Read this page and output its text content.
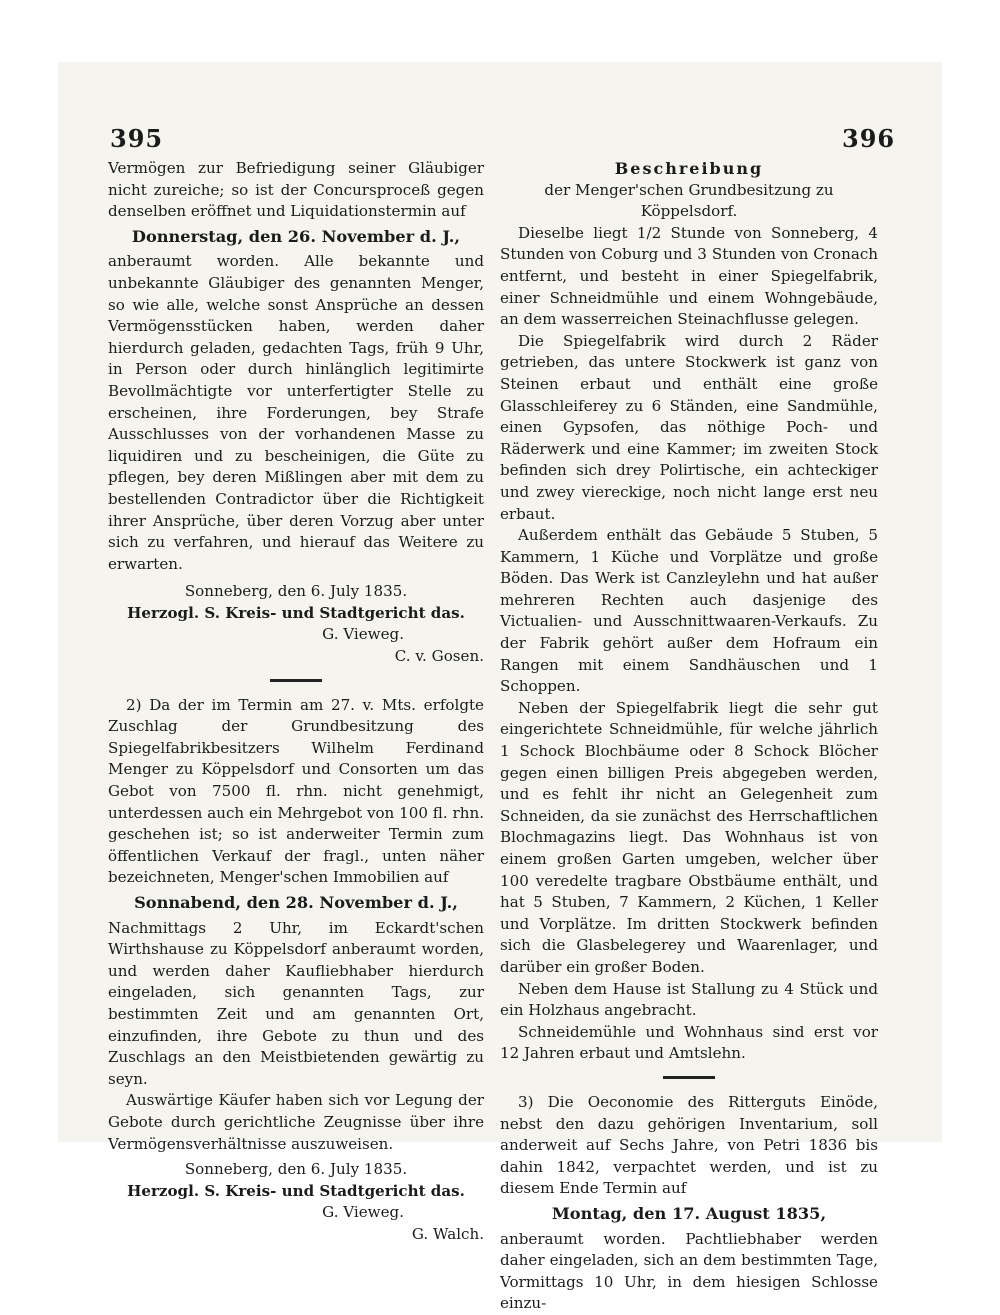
395	396

Vermögen zur Befriedigung seiner Gläubiger nicht zureiche; so ist der Concursproceß gegen denselben eröffnet und Liquidationstermin auf

Donnerstag, den 26. November d. J.,

anberaumt worden. Alle bekannte und unbekannte Gläubiger des genannten Menger, so wie alle, welche sonst Ansprüche an dessen Vermögensstücken haben, werden daher hierdurch geladen, gedachten Tags, früh 9 Uhr, in Person oder durch hinlänglich legitimirte Bevollmächtigte vor unterfertigter Stelle zu erscheinen, ihre Forderungen, bey Strafe Ausschlusses von der vorhandenen Masse zu liquidiren und zu bescheinigen, die Güte zu pflegen, bey deren Mißlingen aber mit dem zu bestellenden Contradictor über die Richtigkeit ihrer Ansprüche, über deren Vorzug aber unter sich zu verfahren, und hierauf das Weitere zu erwarten.

Sonneberg, den 6. July 1835.

Herzogl. S. Kreis- und Stadtgericht das.

G. Vieweg.

C. v. Gosen.

2) Da der im Termin am 27. v. Mts. erfolgte Zuschlag der Grundbesitzung des Spiegelfabrikbesitzers Wilhelm Ferdinand Menger zu Köppelsdorf und Consorten um das Gebot von 7500 fl. rhn. nicht genehmigt, unterdessen auch ein Mehrgebot von 100 fl. rhn. geschehen ist; so ist anderweiter Termin zum öffentlichen Verkauf der fragl., unten näher bezeichneten, Menger'schen Immobilien auf

Sonnabend, den 28. November d. J.,

Nachmittags 2 Uhr, im Eckardt'schen Wirthshause zu Köppelsdorf anberaumt worden, und werden daher Kaufliebhaber hierdurch eingeladen, sich genannten Tags, zur bestimmten Zeit und am genannten Ort, einzufinden, ihre Gebote zu thun und des Zuschlags an den Meistbietenden gewärtig zu seyn.

Auswärtige Käufer haben sich vor Legung der Gebote durch gerichtliche Zeugnisse über ihre Vermögensverhältnisse auszuweisen.

Sonneberg, den 6. July 1835.

Herzogl. S. Kreis- und Stadtgericht das.

G. Vieweg.

G. Walch.

Beschreibung

der Menger'schen Grundbesitzung zu Köppelsdorf.

Dieselbe liegt 1/2 Stunde von Sonneberg, 4 Stunden von Coburg und 3 Stunden von Cronach entfernt, und besteht in einer Spiegelfabrik, einer Schneidmühle und einem Wohngebäude, an dem wasserreichen Steinachflusse gelegen.

Die Spiegelfabrik wird durch 2 Räder getrieben, das untere Stockwerk ist ganz von Steinen erbaut und enthält eine große Glasschleiferey zu 6 Ständen, eine Sandmühle, einen Gypsofen, das nöthige Poch- und Räderwerk und eine Kammer; im zweiten Stock befinden sich drey Polirtische, ein achteckiger und zwey viereckige, noch nicht lange erst neu erbaut.

Außerdem enthält das Gebäude 5 Stuben, 5 Kammern, 1 Küche und Vorplätze und große Böden. Das Werk ist Canzleylehn und hat außer mehreren Rechten auch dasjenige des Victualien- und Ausschnittwaaren-Verkaufs. Zu der Fabrik gehört außer dem Hofraum ein Rangen mit einem Sandhäuschen und 1 Schoppen.

Neben der Spiegelfabrik liegt die sehr gut eingerichtete Schneidmühle, für welche jährlich 1 Schock Blochbäume oder 8 Schock Blöcher gegen einen billigen Preis abgegeben werden, und es fehlt ihr nicht an Gelegenheit zum Schneiden, da sie zunächst des Herrschaftlichen Blochmagazins liegt. Das Wohnhaus ist von einem großen Garten umgeben, welcher über 100 veredelte tragbare Obstbäume enthält, und hat 5 Stuben, 7 Kammern, 2 Küchen, 1 Keller und Vorplätze. Im dritten Stockwerk befinden sich die Glasbelegerey und Waarenlager, und darüber ein großer Boden.

Neben dem Hause ist Stallung zu 4 Stück und ein Holzhaus angebracht.

Schneidemühle und Wohnhaus sind erst vor 12 Jahren erbaut und Amtslehn.

3) Die Oeconomie des Ritterguts Einöde, nebst den dazu gehörigen Inventarium, soll anderweit auf Sechs Jahre, von Petri 1836 bis dahin 1842, verpachtet werden, und ist zu diesem Ende Termin auf

Montag, den 17. August 1835,

anberaumt worden. Pachtliebhaber werden daher eingeladen, sich an dem bestimmten Tage, Vormittags 10 Uhr, in dem hiesigen Schlosse einzu-
